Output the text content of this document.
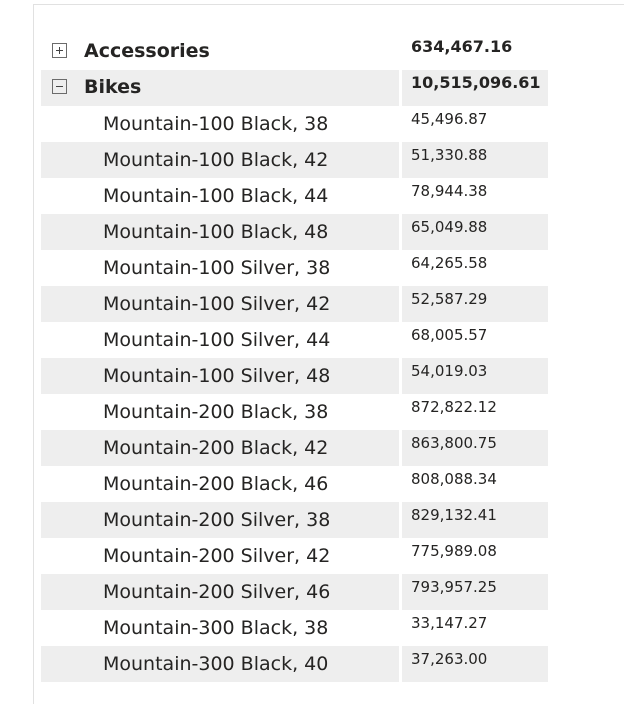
Accessories	634,467.16
Bikes	10,515,096.61
Mountain-100 Black, 38	45,496.87
Mountain-100 Black, 42	51,330.88
Mountain-100 Black, 44	78,944.38
Mountain-100 Black, 48	65,049.88
Mountain-100 Silver, 38	64,265.58
Mountain-100 Silver, 42	52,587.29
Mountain-100 Silver, 44	68,005.57
Mountain-100 Silver, 48	54,019.03
Mountain-200 Black, 38	872,822.12
Mountain-200 Black, 42	863,800.75
Mountain-200 Black, 46	808,088.34
Mountain-200 Silver, 38	829,132.41
Mountain-200 Silver, 42	775,989.08
Mountain-200 Silver, 46	793,957.25
Mountain-300 Black, 38	33,147.27
Mountain-300 Black, 40	37,263.00
